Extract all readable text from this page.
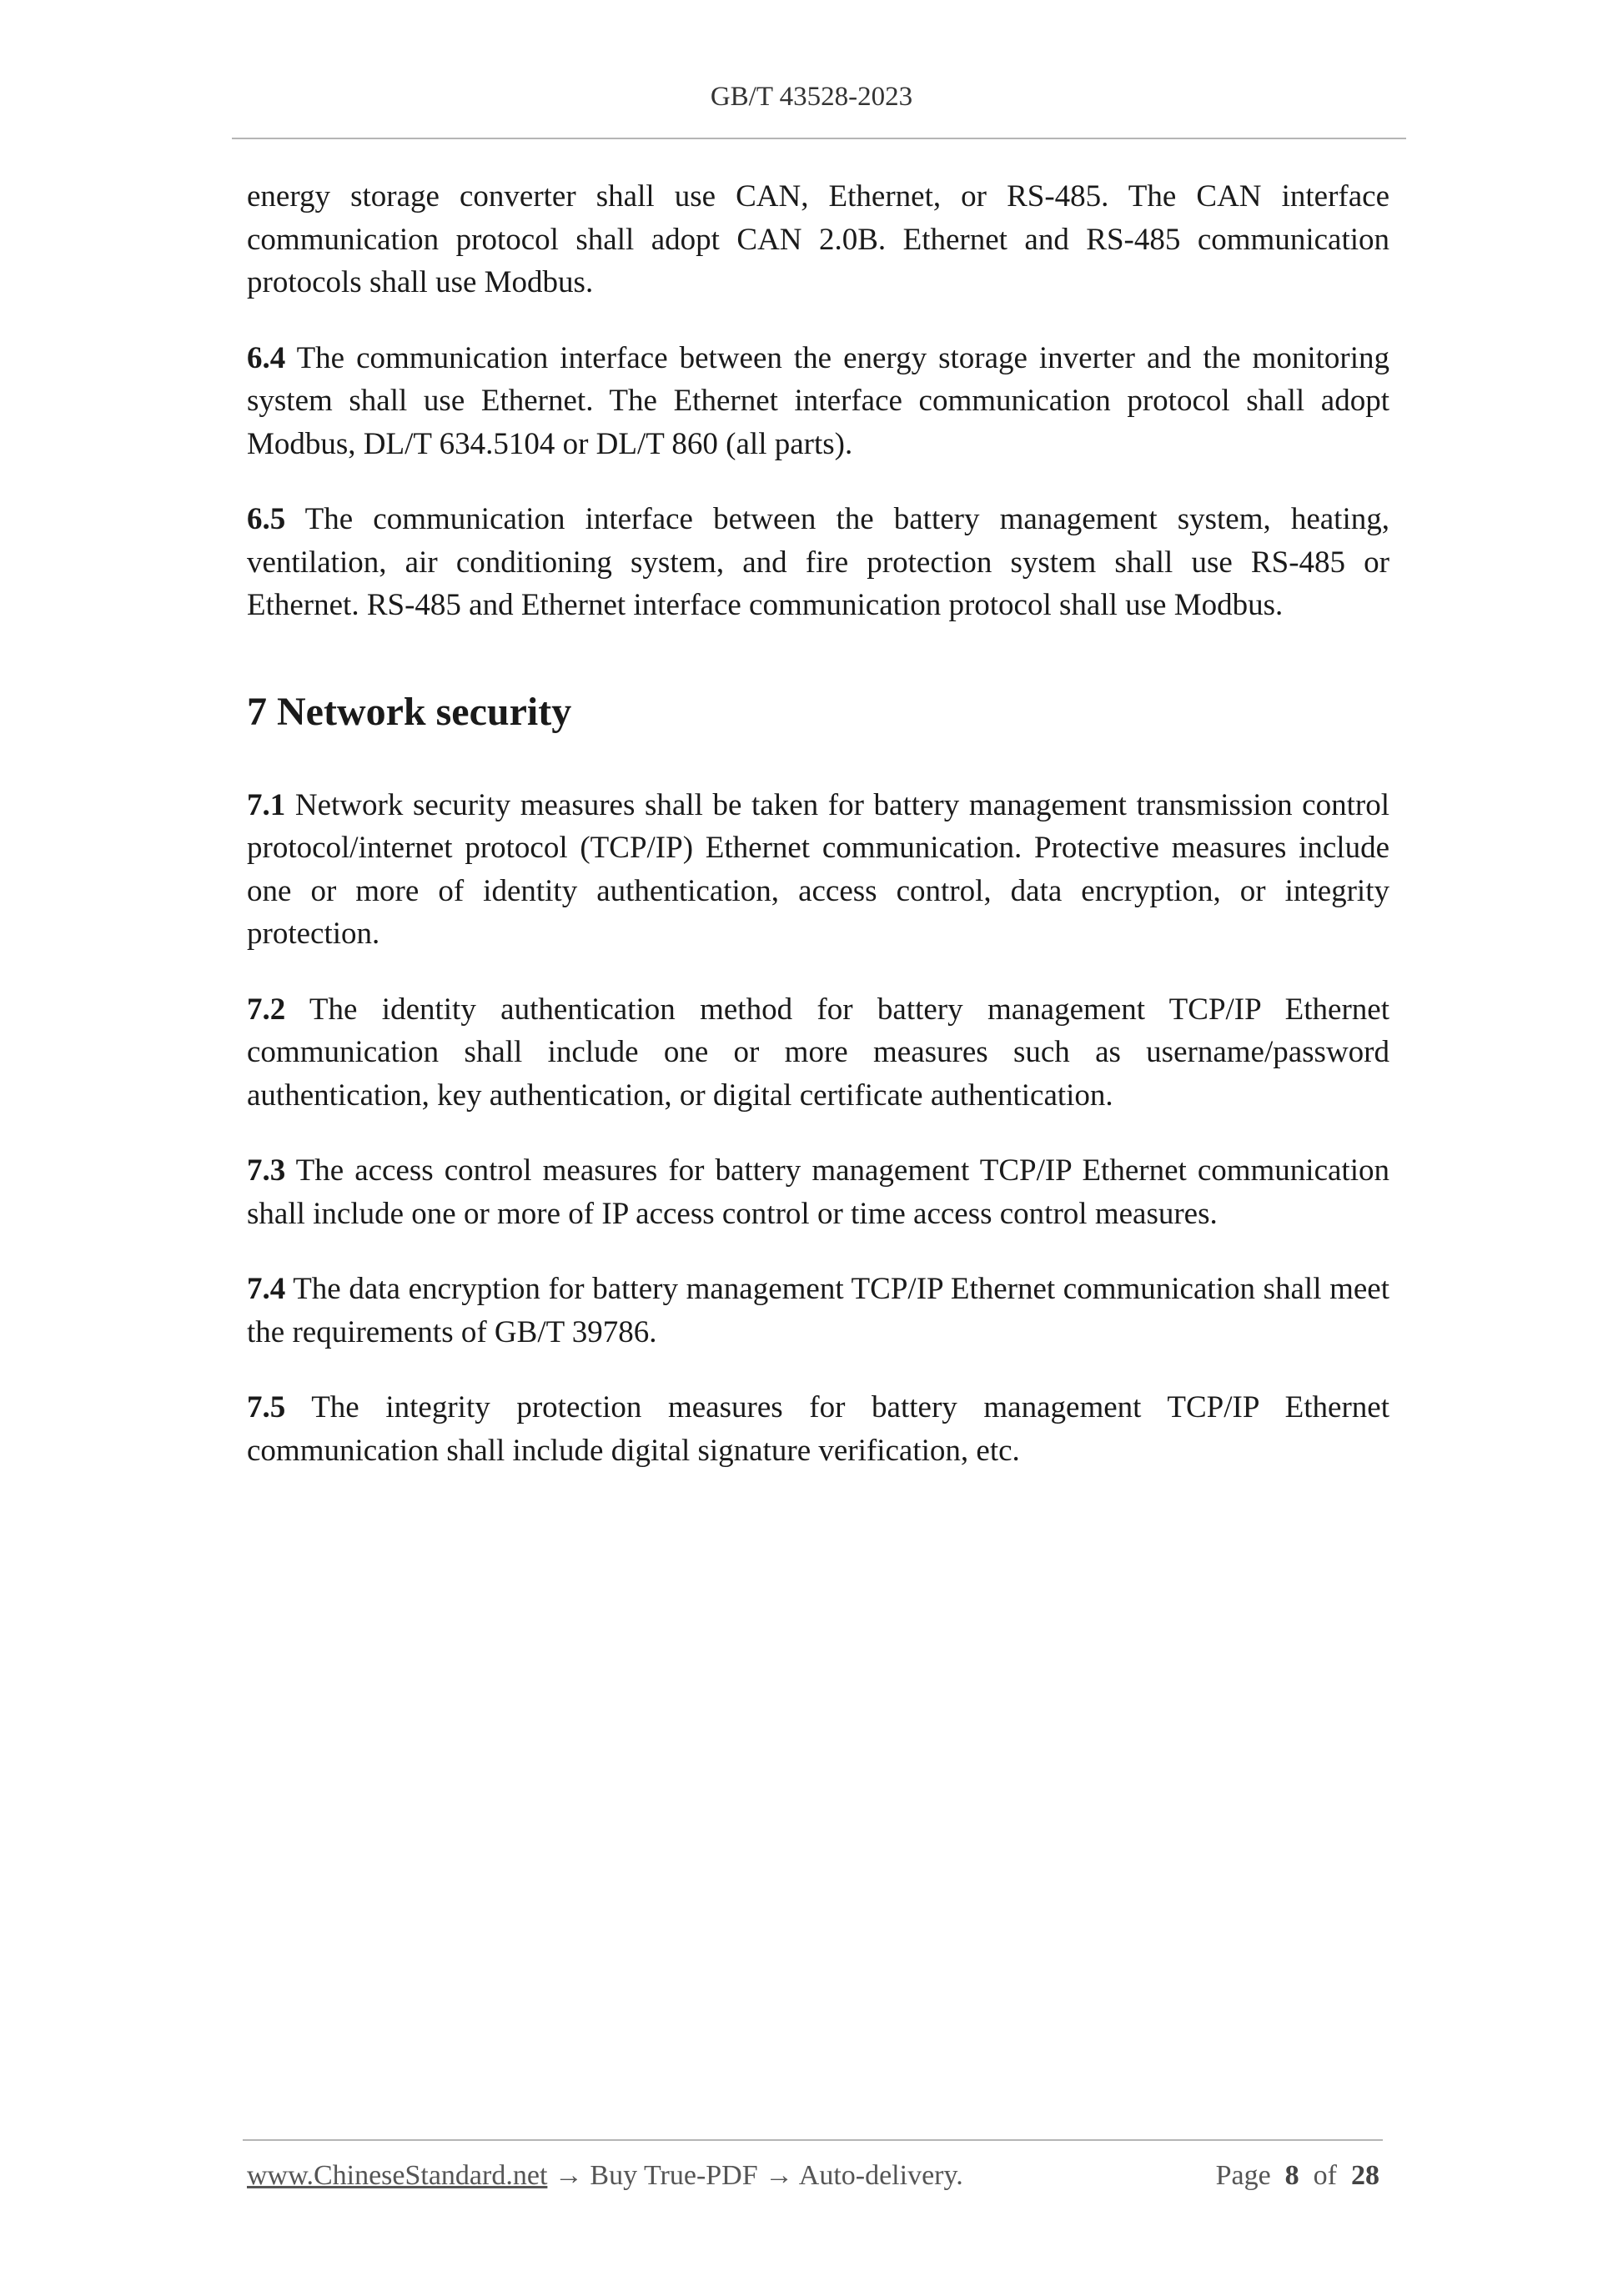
GB/T 43528-2023

energy storage converter shall use CAN, Ethernet, or RS-485. The CAN interface communication protocol shall adopt CAN 2.0B. Ethernet and RS-485 communication protocols shall use Modbus.

6.4 The communication interface between the energy storage inverter and the monitoring system shall use Ethernet. The Ethernet interface communication protocol shall adopt Modbus, DL/T 634.5104 or DL/T 860 (all parts).

6.5 The communication interface between the battery management system, heating, ventilation, air conditioning system, and fire protection system shall use RS-485 or Ethernet. RS-485 and Ethernet interface communication protocol shall use Modbus.

7 Network security

7.1 Network security measures shall be taken for battery management transmission control protocol/internet protocol (TCP/IP) Ethernet communication. Protective measures include one or more of identity authentication, access control, data encryption, or integrity protection.

7.2 The identity authentication method for battery management TCP/IP Ethernet communication shall include one or more measures such as username/password authentication, key authentication, or digital certificate authentication.

7.3 The access control measures for battery management TCP/IP Ethernet communication shall include one or more of IP access control or time access control measures.

7.4 The data encryption for battery management TCP/IP Ethernet communication shall meet the requirements of GB/T 39786.

7.5 The integrity protection measures for battery management TCP/IP Ethernet communication shall include digital signature verification, etc.

www.ChineseStandard.net → Buy True-PDF → Auto-delivery.	Page 8 of 28
